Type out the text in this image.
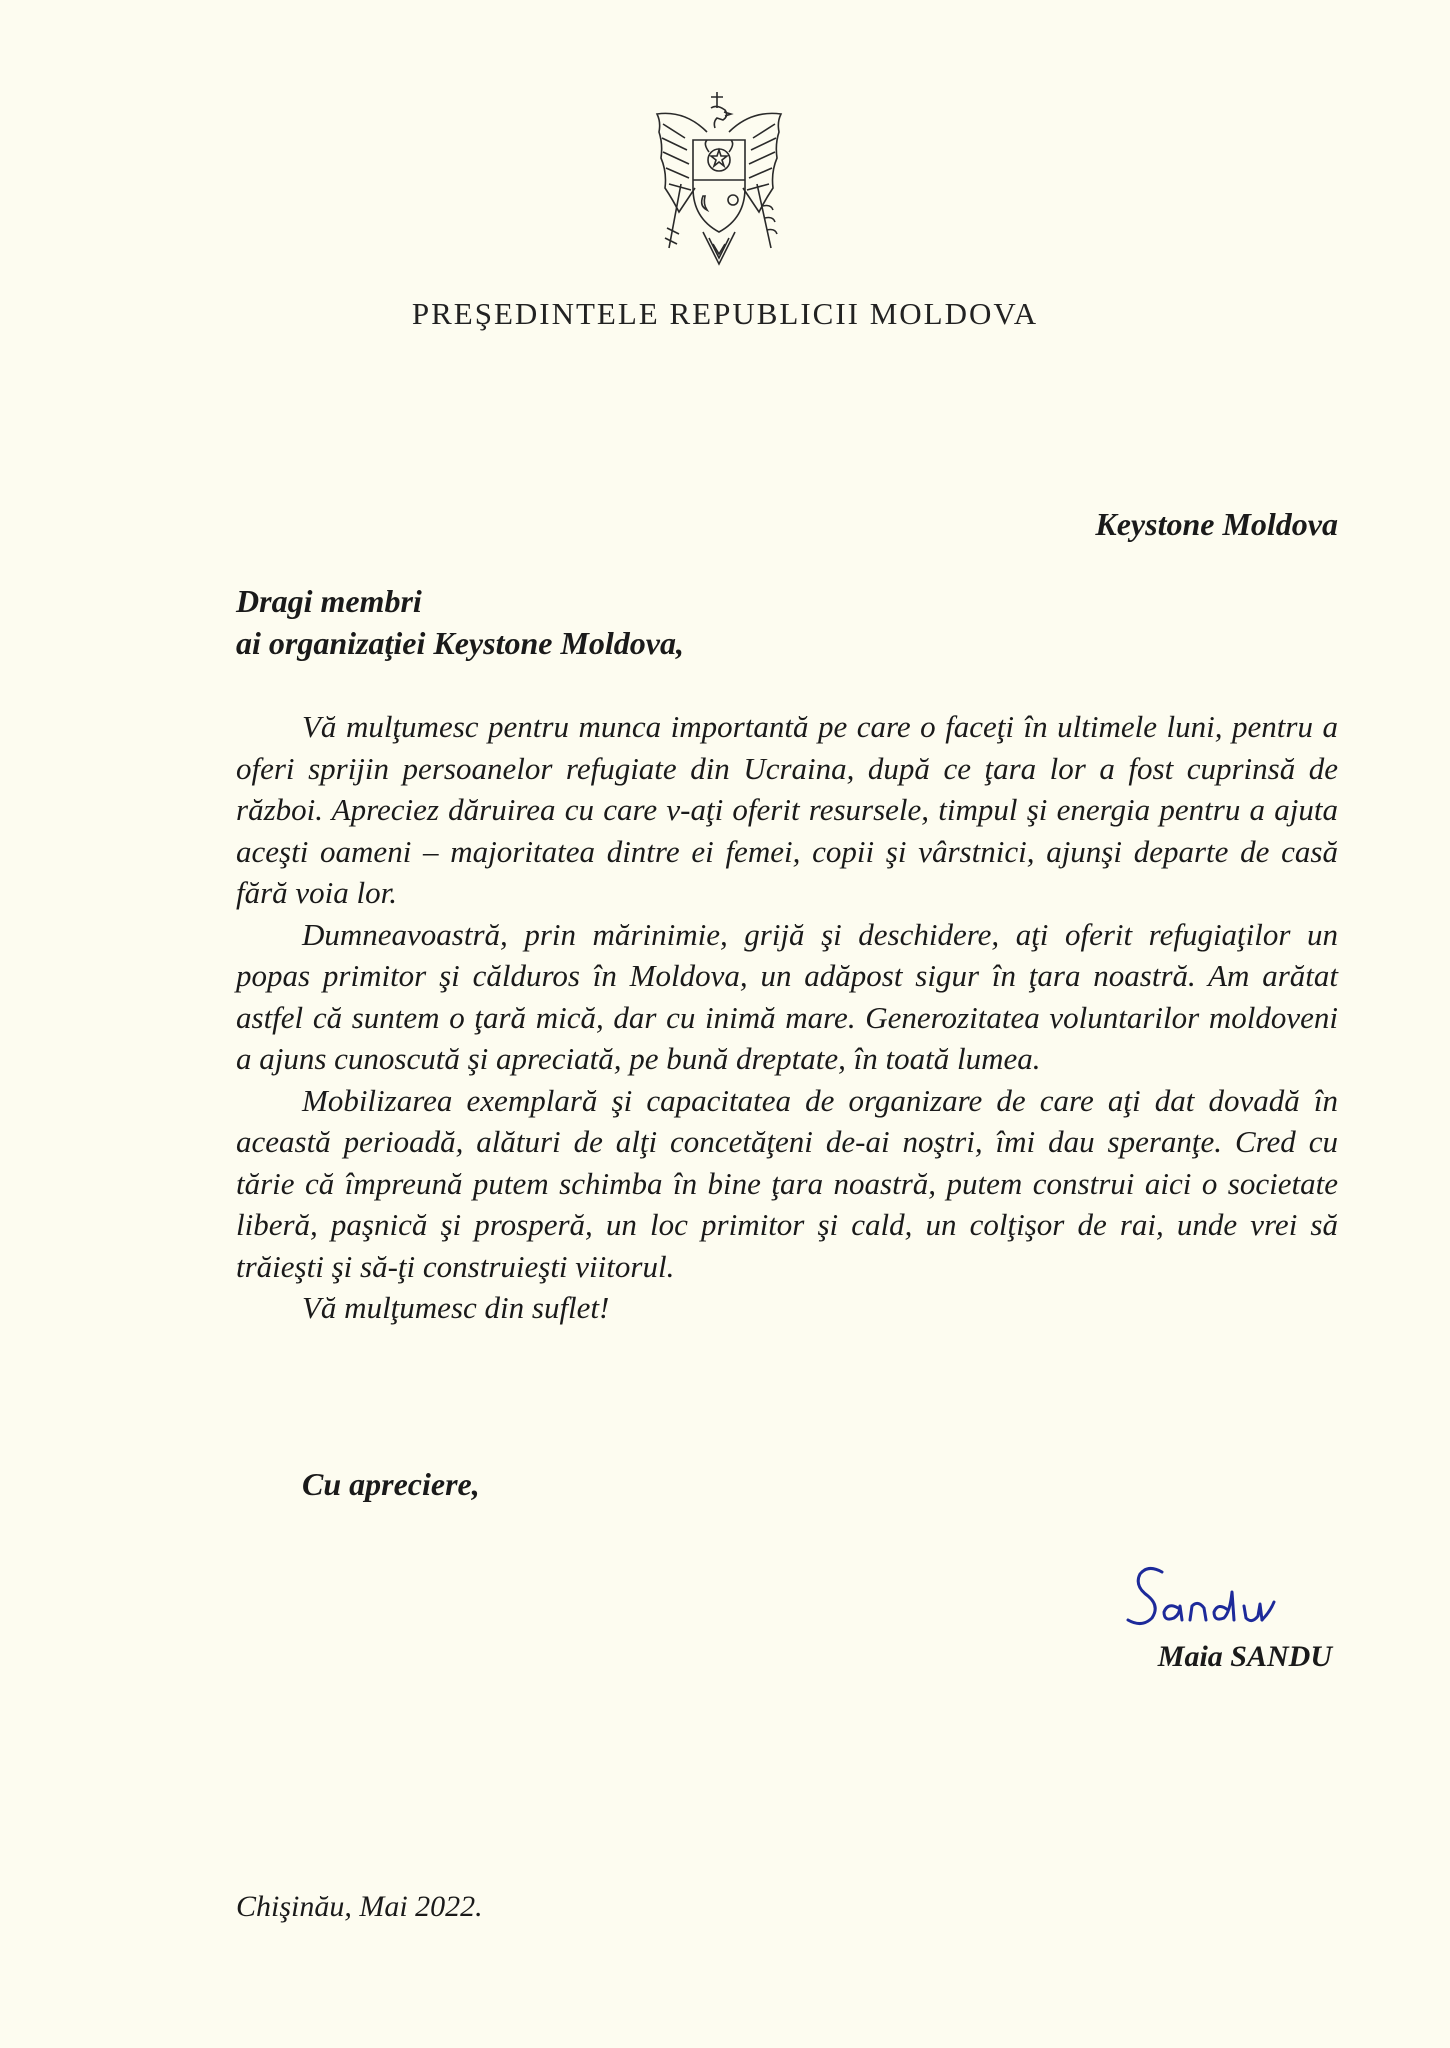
PREŞEDINTELE REPUBLICII MOLDOVA
Keystone Moldova
Dragi membri
ai organizaţiei Keystone Moldova,

Vă mulţumesc pentru munca importantă pe care o faceţi în ultimele luni, pentru a oferi sprijin persoanelor refugiate din Ucraina, după ce ţara lor a fost cuprinsă de război. Apreciez dăruirea cu care v-aţi oferit resursele, timpul şi energia pentru a ajuta aceşti oameni – majoritatea dintre ei femei, copii şi vârstnici, ajunşi departe de casă fără voia lor.

Dumneavoastră, prin mărinimie, grijă şi deschidere, aţi oferit refugiaţilor un popas primitor şi călduros în Moldova, un adăpost sigur în ţara noastră. Am arătat astfel că suntem o ţară mică, dar cu inimă mare. Generozitatea voluntarilor moldoveni a ajuns cunoscută şi apreciată, pe bună dreptate, în toată lumea.

Mobilizarea exemplară şi capacitatea de organizare de care aţi dat dovadă în această perioadă, alături de alţi concetăţeni de-ai noştri, îmi dau speranţe. Cred cu tărie că împreună putem schimba în bine ţara noastră, putem construi aici o societate liberă, paşnică şi prosperă, un loc primitor şi cald, un colţişor de rai, unde vrei să trăieşti şi să-ţi construieşti viitorul.

Vă mulţumesc din suflet!

Cu apreciere,
Maia SANDU
Chişinău, Mai 2022.
